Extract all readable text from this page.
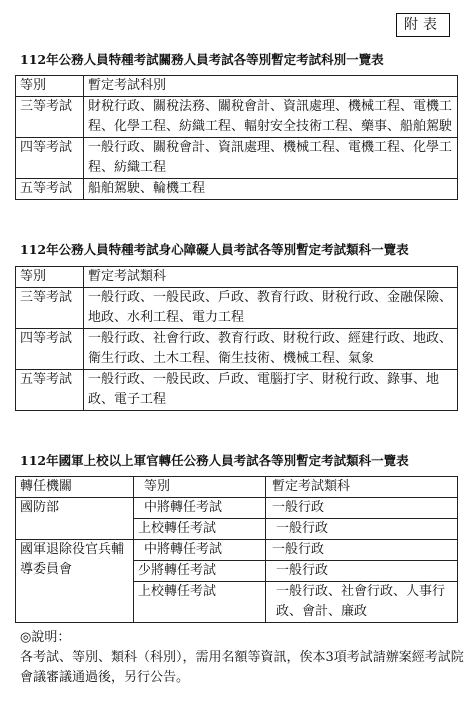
附表
112年公務人員特種考試關務人員考試各等別暫定考試科別一覽表
等別	暫定考試科別
三等考試	財稅行政、關稅法務、關稅會計、資訊處理、機械工程、電機工程、化學工程、紡織工程、輻射安全技術工程、藥事、船舶駕駛
四等考試	一般行政、關稅會計、資訊處理、機械工程、電機工程、化學工程、紡織工程
五等考試	船舶駕駛、輪機工程
112年公務人員特種考試身心障礙人員考試各等別暫定考試類科一覽表
等別	暫定考試類科
三等考試	一般行政、一般民政、戶政、教育行政、財稅行政、金融保險、地政、水利工程、電力工程
四等考試	一般行政、社會行政、教育行政、財稅行政、經建行政、地政、衛生行政、土木工程、衛生技術、機械工程、氣象
五等考試	一般行政、一般民政、戶政、電腦打字、財稅行政、錄事、地政、電子工程
112年國軍上校以上軍官轉任公務人員考試各等別暫定考試類科一覽表
轉任機關	等別	暫定考試類科
國防部	中將轉任考試	一般行政
	上校轉任考試	一般行政
國軍退除役官兵輔導委員會	中將轉任考試	一般行政
	少將轉任考試	一般行政
	上校轉任考試	一般行政、社會行政、人事行政、會計、廉政
◎說明：
各考試、等別、類科（科別），需用名額等資訊，俟本3項考試請辦案經考試院會議審議通過後，另行公告。
